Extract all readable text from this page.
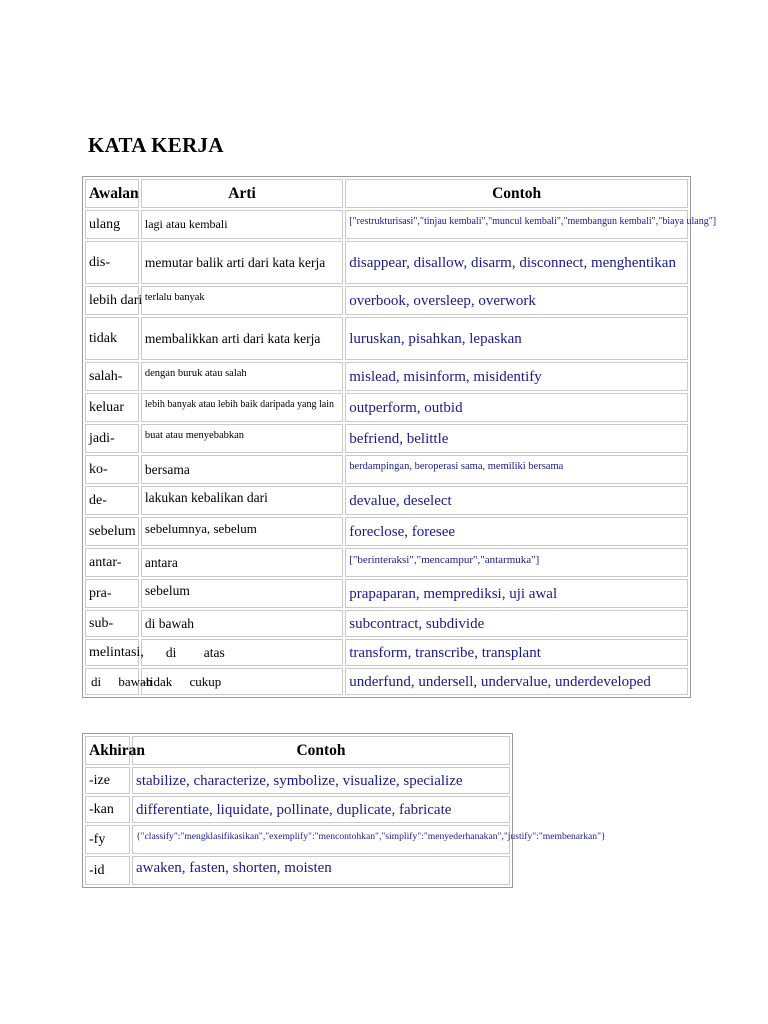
KATA KERJA
Awalan	Arti	Contoh
ulang	lagi atau kembali	["restrukturisasi","tinjau kembali","muncul kembali","membangun kembali","biaya ulang"]
dis-	memutar balik arti dari kata kerja	disappear, disallow, disarm, disconnect, menghentikan
lebih dari	terlalu banyak	overbook, oversleep, overwork
tidak	membalikkan arti dari kata kerja	luruskan, pisahkan, lepaskan
salah-	dengan buruk atau salah	mislead, misinform, misidentify
keluar	lebih banyak atau lebih baik daripada yang lain	outperform, outbid
jadi-	buat atau menyebabkan	befriend, belittle
ko-	bersama	berdampingan, beroperasi sama, memiliki bersama
de-	lakukan kebalikan dari	devalue, deselect
sebelum	sebelumnya, sebelum	foreclose, foresee
antar-	antara	["berinteraksi","mencampur","antarmuka"]
pra-	sebelum	prapaparan, memprediksi, uji awal
sub-	di bawah	subcontract, subdivide
melintasi,	di atas	transform, transcribe, transplant
di bawah	-tidak cukup	underfund, undersell, undervalue, underdeveloped
Akhiran	Contoh
-ize	stabilize, characterize, symbolize, visualize, specialize
-kan	differentiate, liquidate, pollinate, duplicate, fabricate
-fy	{"classify":"mengklasifikasikan","exemplify":"mencontohkan","simplify":"menyederhanakan","justify":"membenarkan"}
-id	awaken, fasten, shorten, moisten
